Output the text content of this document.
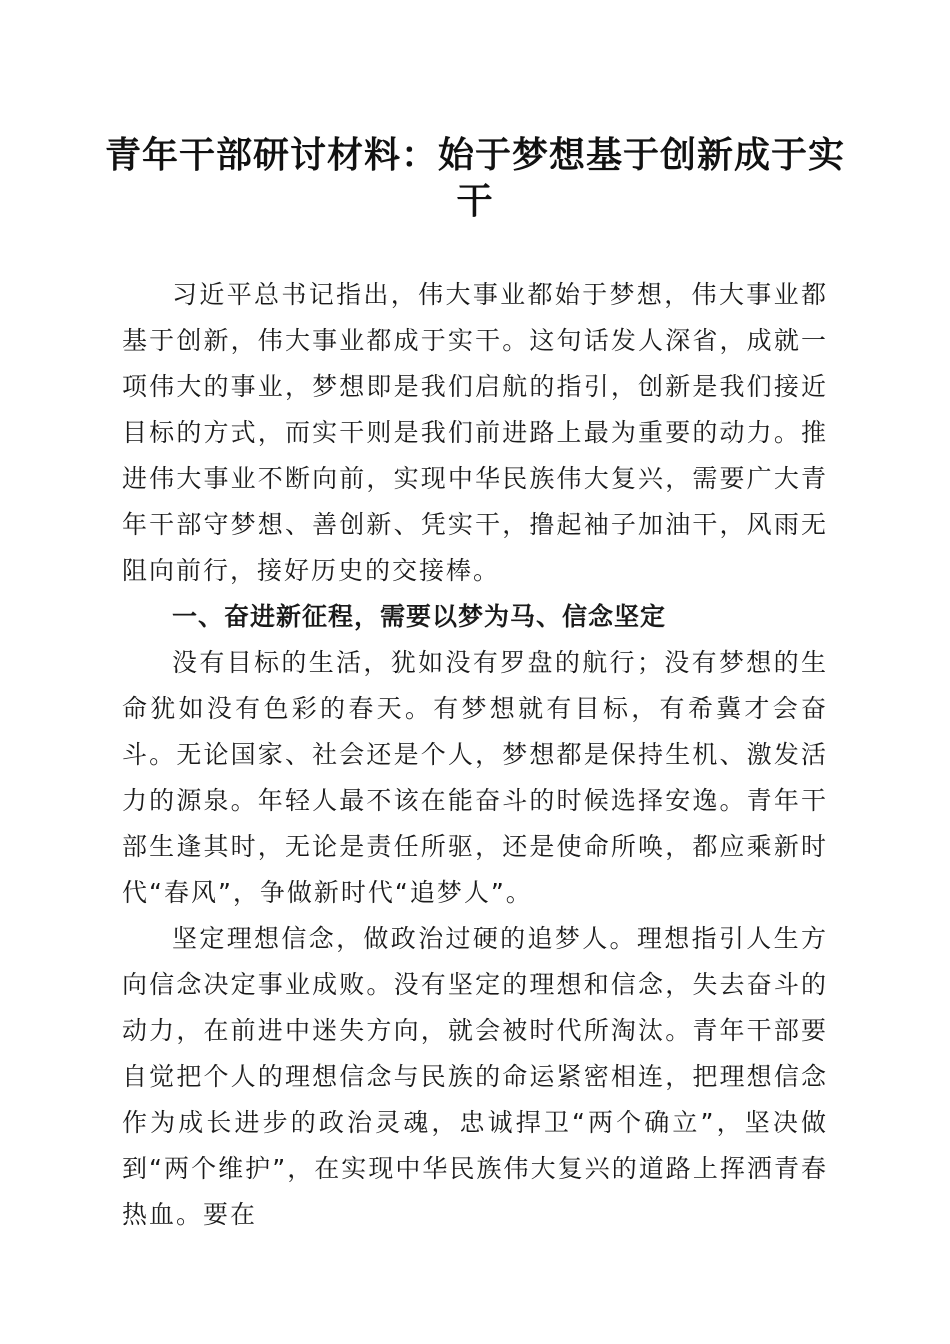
青年干部研讨材料：始于梦想基于创新成于实干

习近平总书记指出，伟大事业都始于梦想，伟大事业都基于创新，伟大事业都成于实干。这句话发人深省，成就一项伟大的事业，梦想即是我们启航的指引，创新是我们接近目标的方式，而实干则是我们前进路上最为重要的动力。推进伟大事业不断向前，实现中华民族伟大复兴，需要广大青年干部守梦想、善创新、凭实干，撸起袖子加油干，风雨无阻向前行，接好历史的交接棒。

一、奋进新征程，需要以梦为马、信念坚定

没有目标的生活，犹如没有罗盘的航行；没有梦想的生命犹如没有色彩的春天。有梦想就有目标，有希冀才会奋斗。无论国家、社会还是个人，梦想都是保持生机、激发活力的源泉。年轻人最不该在能奋斗的时候选择安逸。青年干部生逢其时，无论是责任所驱，还是使命所唤，都应乘新时代“春风”，争做新时代“追梦人”。

坚定理想信念，做政治过硬的追梦人。理想指引人生方向信念决定事业成败。没有坚定的理想和信念，失去奋斗的动力，在前进中迷失方向，就会被时代所淘汰。青年干部要自觉把个人的理想信念与民族的命运紧密相连，把理想信念作为成长进步的政治灵魂，忠诚捍卫“两个确立”，坚决做到“两个维护”，在实现中华民族伟大复兴的道路上挥洒青春热血。要在
